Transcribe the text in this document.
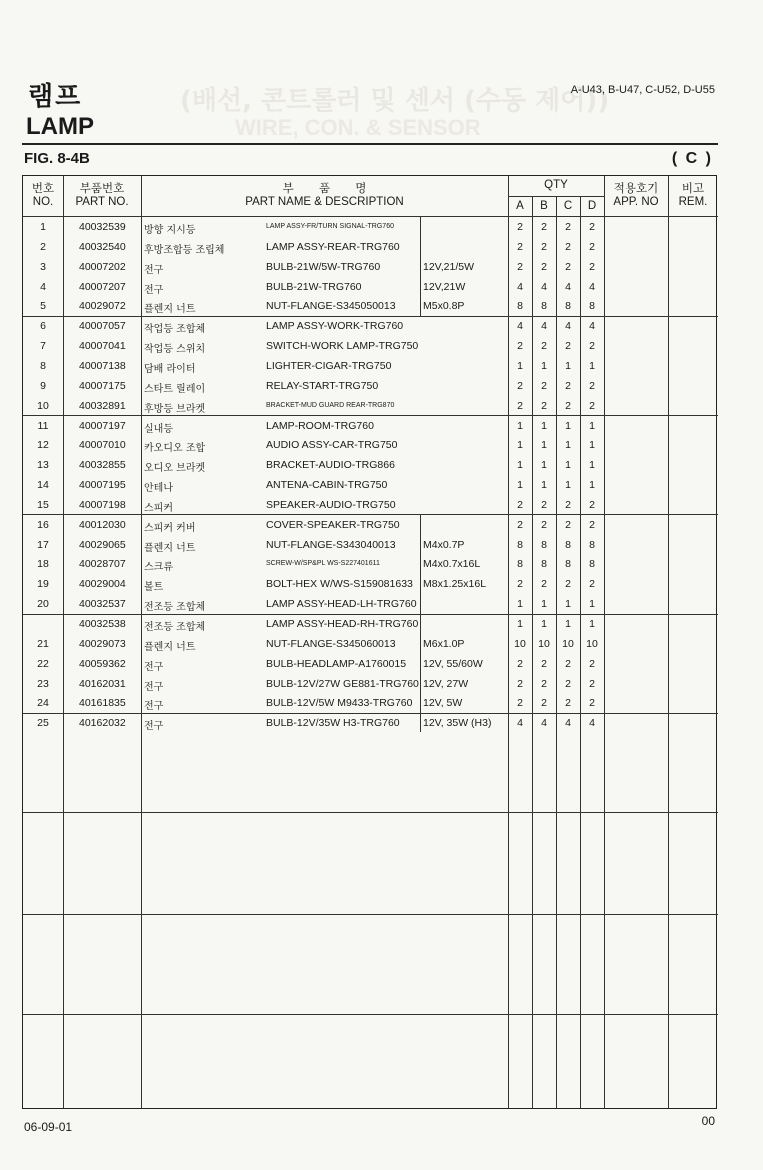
(배선, 콘트롤러 및 센서 (수동 제어))
WIRE, CON. & SENSOR
램프
LAMP
A-U43, B-U47, C-U52, D-U55
FIG. 8-4B	( C )
번호
NO.
부품번호
PART NO.
부 품 명
PART NAME & DESCRIPTION
QTY
A	B	C	D
적용호기
APP. NO
비고
REM.
1	40032539 방향 지시등	LAMP ASSY-FR/TURN SIGNAL-TRG760	2	2	2	2
2	40032540 후방조합등 조립체	LAMP ASSY-REAR-TRG760	2	2	2	2
3	40007202 전구	BULB-21W/5W-TRG760	12V,21/5W	2	2	2	2
4	40007207 전구	BULB-21W-TRG760	12V,21W	4	4	4	4
5	40029072 플렌지 너트	NUT-FLANGE-S345050013	M5x0.8P	8	8	8	8
6	40007057 작업등 조합체	LAMP ASSY-WORK-TRG760	4	4	4	4
7	40007041 작업등 스위치	SWITCH-WORK LAMP-TRG750	2	2	2	2
8	40007138 담배 라이터	LIGHTER-CIGAR-TRG750	1	1	1	1
9	40007175 스타트 릴레이	RELAY-START-TRG750	2	2	2	2
10	40032891 후방등 브라켓	BRACKET-MUD GUARD REAR-TRG870	2	2	2	2
11	40007197 실내등	LAMP-ROOM-TRG760	1	1	1	1
12	40007010 카오디오 조합	AUDIO ASSY-CAR-TRG750	1	1	1	1
13	40032855 오디오 브라켓	BRACKET-AUDIO-TRG866	1	1	1	1
14	40007195 안테나	ANTENA-CABIN-TRG750	1	1	1	1
15	40007198 스피커	SPEAKER-AUDIO-TRG750	2	2	2	2
16	40012030 스피커 커버	COVER-SPEAKER-TRG750	2	2	2	2
17	40029065 플렌지 너트	NUT-FLANGE-S343040013	M4x0.7P	8	8	8	8
18	40028707 스크류	SCREW-W/SP&PL WS-S227401611	M4x0.7x16L	8	8	8	8
19	40029004 볼트	BOLT-HEX W/WS-S159081633 M8x1.25x16L	2	2	2	2
20	40032537 전조등 조합체	LAMP ASSY-HEAD-LH-TRG760	1	1	1	1
40032538 전조등 조합체	LAMP ASSY-HEAD-RH-TRG760	1	1	1	1
21	40029073 플렌지 너트	NUT-FLANGE-S345060013	M6x1.0P	10	10	10	10
22	40059362 전구	BULB-HEADLAMP-A1760015 12V, 55/60W	2	2	2	2
23	40162031 전구	BULB-12V/27W GE881-TRG760 12V, 27W	2	2	2	2
24	40161835 전구	BULB-12V/5W M9433-TRG760 12V, 5W	2	2	2	2
25	40162032 전구	BULB-12V/35W H3-TRG760 12V, 35W (H3)	4	4	4	4
06-09-01	00
